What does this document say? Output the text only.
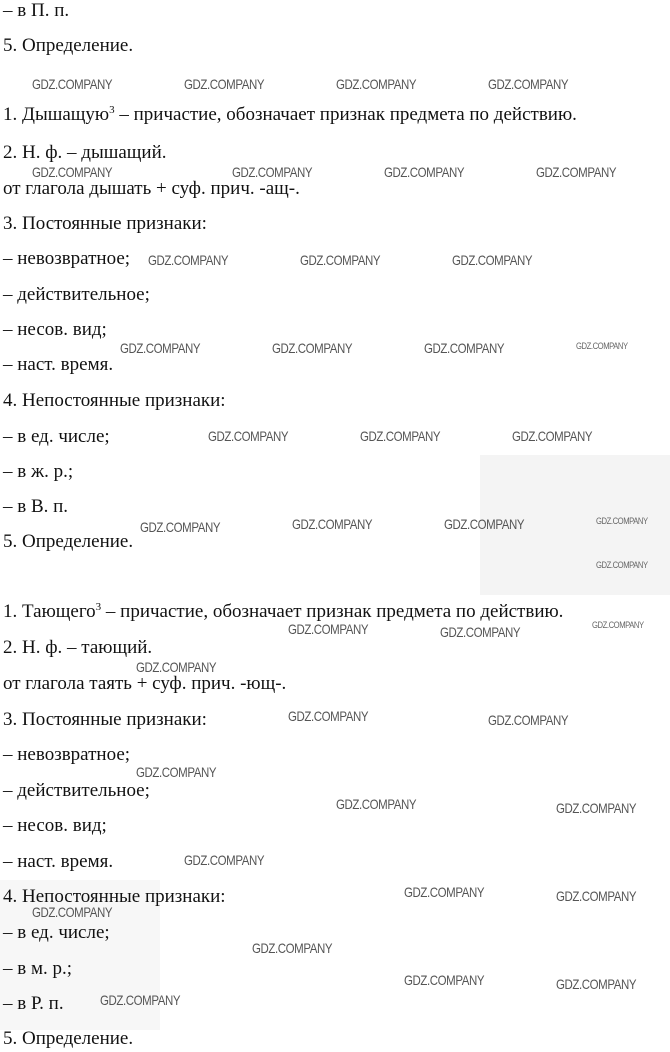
– в П. п.
5. Определение.
1. Дышащую$^3$ – причастие, обозначает признак предмета по действию.
2. Н. ф. – дышащий.
от глагола дышать + суф. прич. -ащ-.
3. Постоянные признаки:
– невозвратное;
– действительное;
– несов. вид;
– наст. время.
4. Непостоянные признаки:
– в ед. числе;
– в ж. р.;
– в В. п.
5. Определение.
1. Тающего$^3$ – причастие, обозначает признак предмета по действию.
2. Н. ф. – тающий.
от глагола таять + суф. прич. -ющ-.
3. Постоянные признаки:
– невозвратное;
– действительное;
– несов. вид;
– наст. время.
4. Непостоянные признаки:
– в ед. числе;
– в м. р.;
– в Р. п.
5. Определение.
GDZ.COMPANY	GDZ.COMPANY	GDZ.COMPANY	GDZ.COMPANY
GDZ.COMPANY	GDZ.COMPANY	GDZ.COMPANY	GDZ.COMPANY
GDZ.COMPANY	GDZ.COMPANY	GDZ.COMPANY
GDZ.COMPANY	GDZ.COMPANY	GDZ.COMPANY	GDZ.COMPANY
GDZ.COMPANY	GDZ.COMPANY	GDZ.COMPANY
GDZ.COMPANY	GDZ.COMPANY	GDZ.COMPANY	GDZ.COMPANY
GDZ.COMPANY
GDZ.COMPANY	GDZ.COMPANY	GDZ.COMPANY
GDZ.COMPANY
GDZ.COMPANY	GDZ.COMPANY
GDZ.COMPANY
GDZ.COMPANY	GDZ.COMPANY
GDZ.COMPANY
GDZ.COMPANY	GDZ.COMPANY
GDZ.COMPANY
GDZ.COMPANY
GDZ.COMPANY	GDZ.COMPANY
GDZ.COMPANY
